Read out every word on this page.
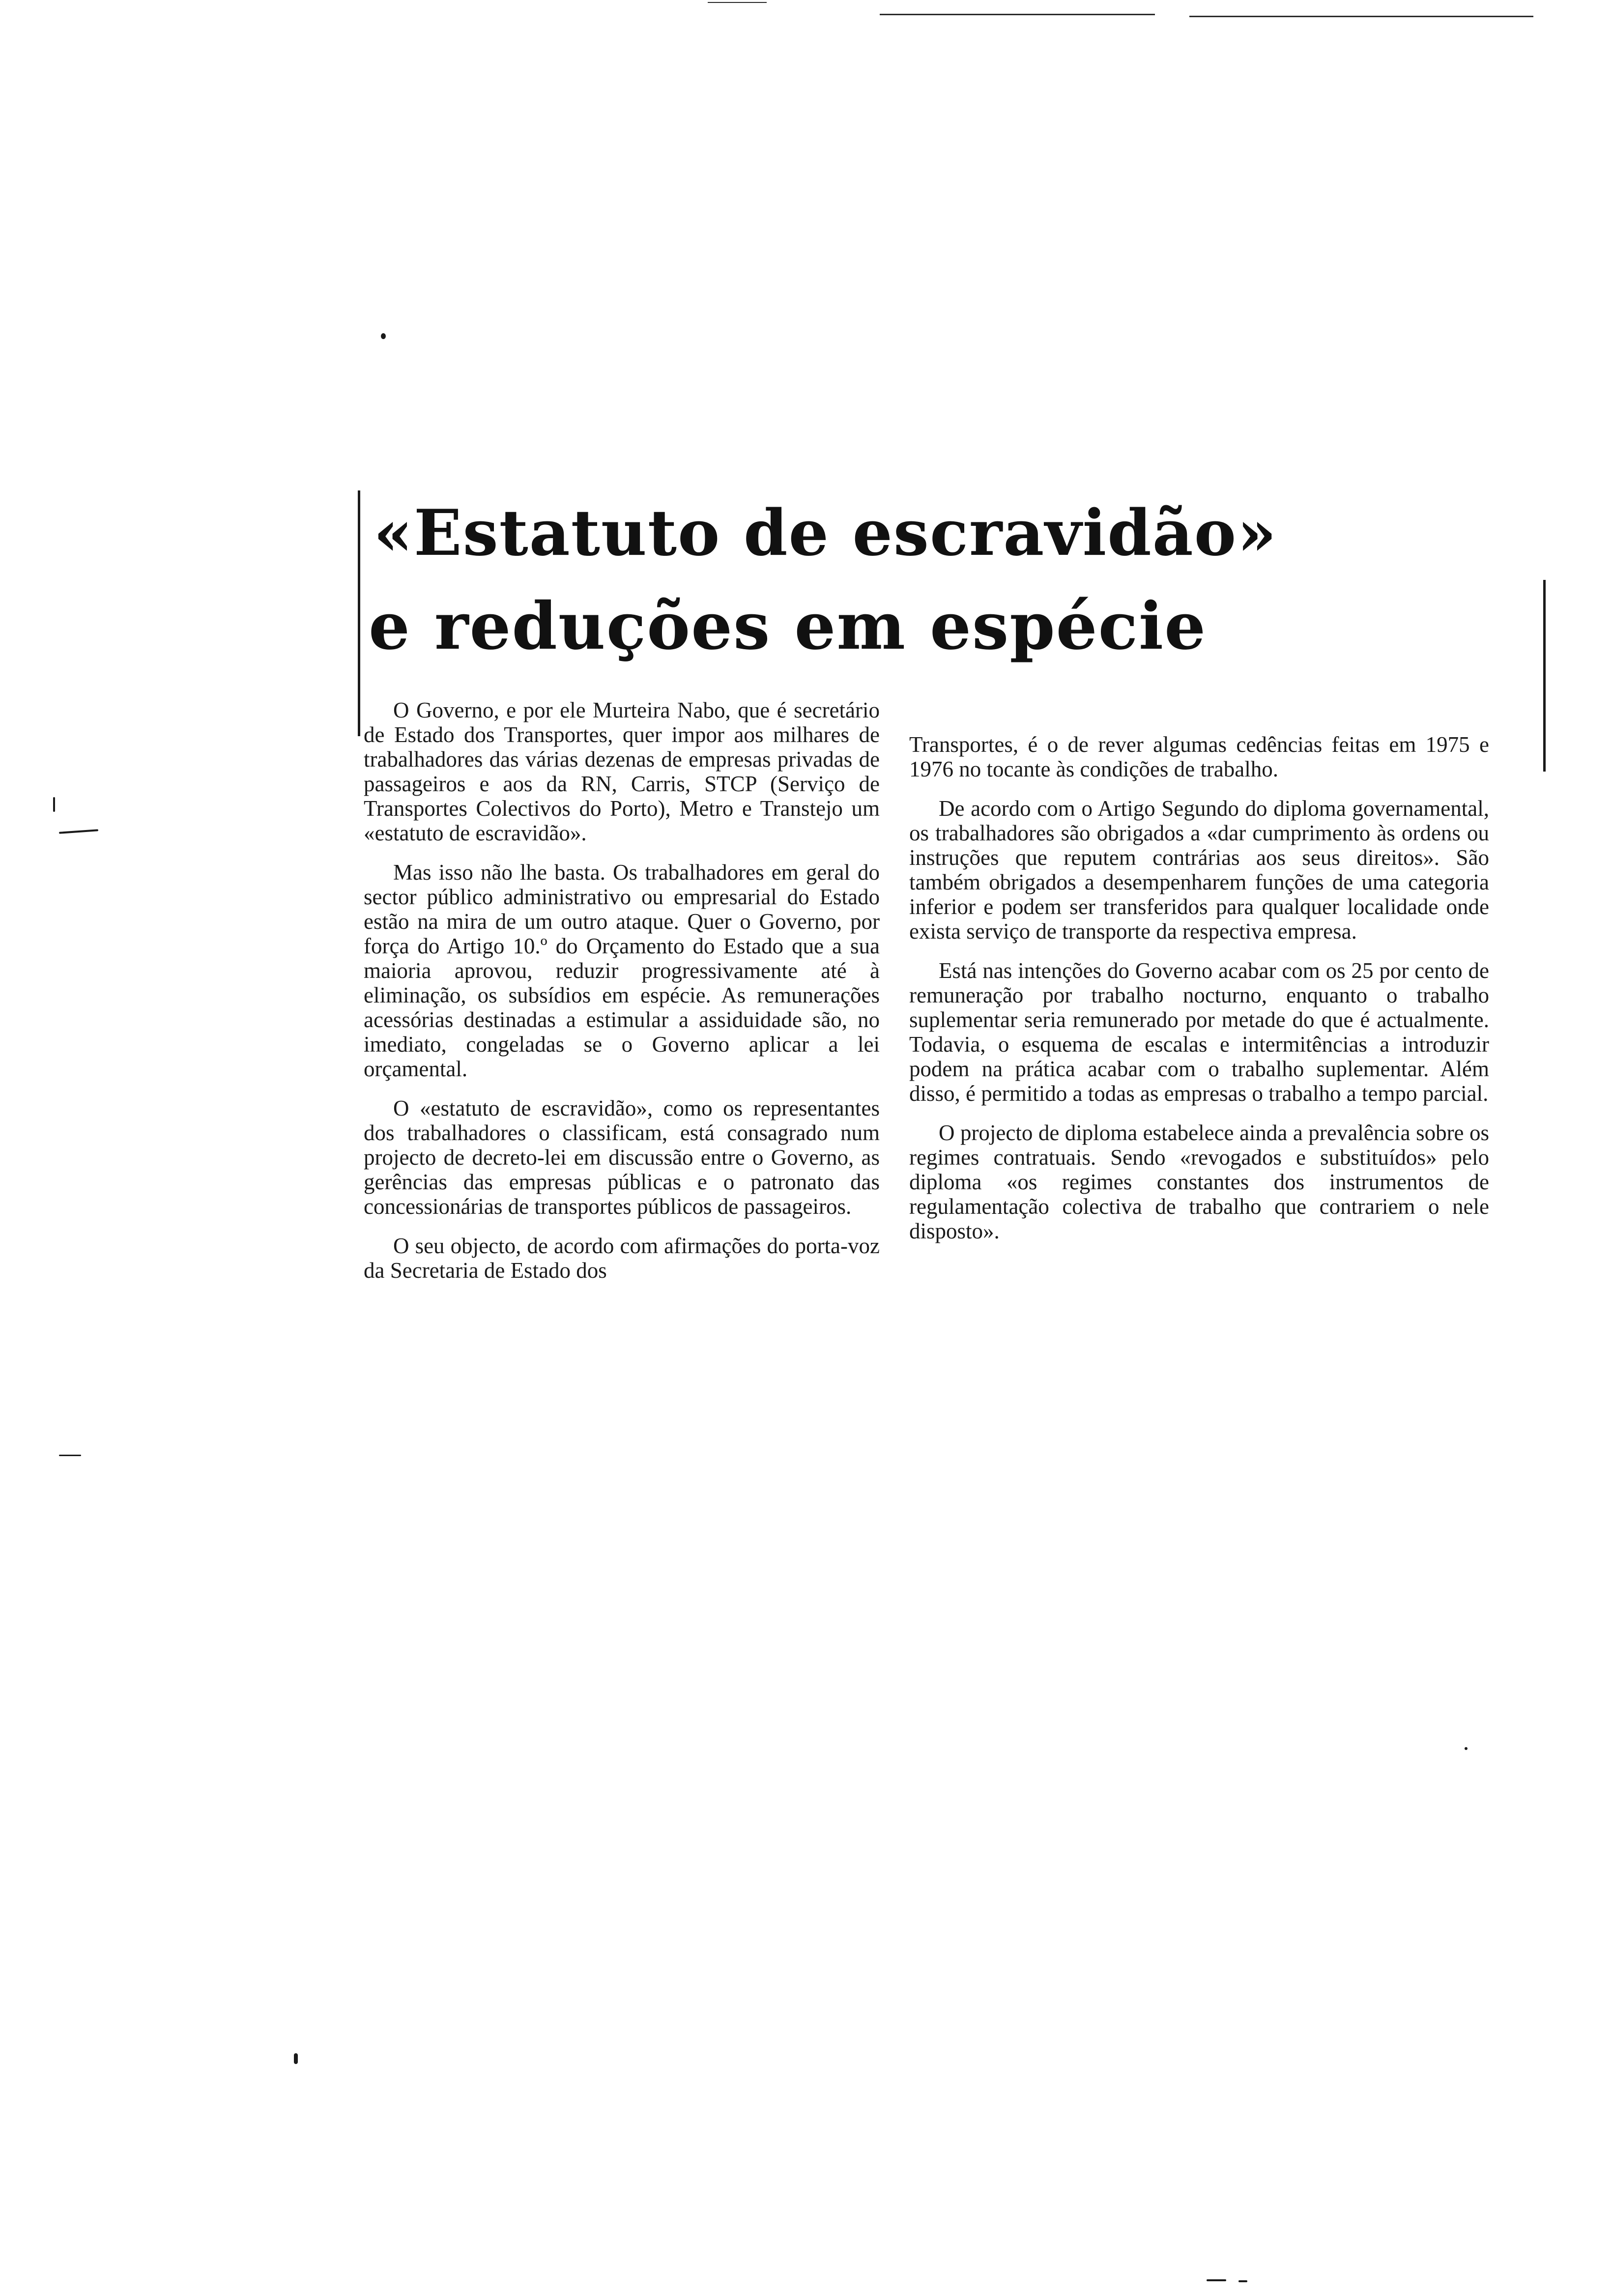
«Estatuto de escravidão»
e reduções em espécie

O Governo, e por ele Murteira Nabo, que é secretário de Estado dos Transportes, quer impor aos milhares de trabalhadores das várias dezenas de empresas privadas de passageiros e aos da RN, Carris, STCP (Serviço de Transportes Colectivos do Porto), Metro e Transtejo um «estatuto de escravidão».

Mas isso não lhe basta. Os trabalhadores em geral do sector público administrativo ou empresarial do Estado estão na mira de um outro ataque. Quer o Governo, por força do Artigo 10.º do Orçamento do Estado que a sua maioria aprovou, reduzir progressivamente até à eliminação, os subsídios em espécie. As remunerações acessórias destinadas a estimular a assiduidade são, no imediato, congeladas se o Governo aplicar a lei orçamental.

O «estatuto de escravidão», como os representantes dos trabalhadores o classificam, está consagrado num projecto de decreto-lei em discussão entre o Governo, as gerências das empresas públicas e o patronato das concessionárias de transportes públicos de passageiros.

O seu objecto, de acordo com afirmações do porta-voz da Secretaria de Estado dos

Transportes, é o de rever algumas cedências feitas em 1975 e 1976 no tocante às condições de trabalho.

De acordo com o Artigo Segundo do diploma governamental, os trabalhadores são obrigados a «dar cumprimento às ordens ou instruções que reputem contrárias aos seus direitos». São também obrigados a desempenharem funções de uma categoria inferior e podem ser transferidos para qualquer localidade onde exista serviço de transporte da respectiva empresa.

Está nas intenções do Governo acabar com os 25 por cento de remuneração por trabalho nocturno, enquanto o trabalho suplementar seria remunerado por metade do que é actualmente. Todavia, o esquema de escalas e intermitências a introduzir podem na prática acabar com o trabalho suplementar. Além disso, é permitido a todas as empresas o trabalho a tempo parcial.

O projecto de diploma estabelece ainda a prevalência sobre os regimes contratuais. Sendo «revogados e substituídos» pelo diploma «os regimes constantes dos instrumentos de regulamentação colectiva de trabalho que contrariem o nele disposto».
